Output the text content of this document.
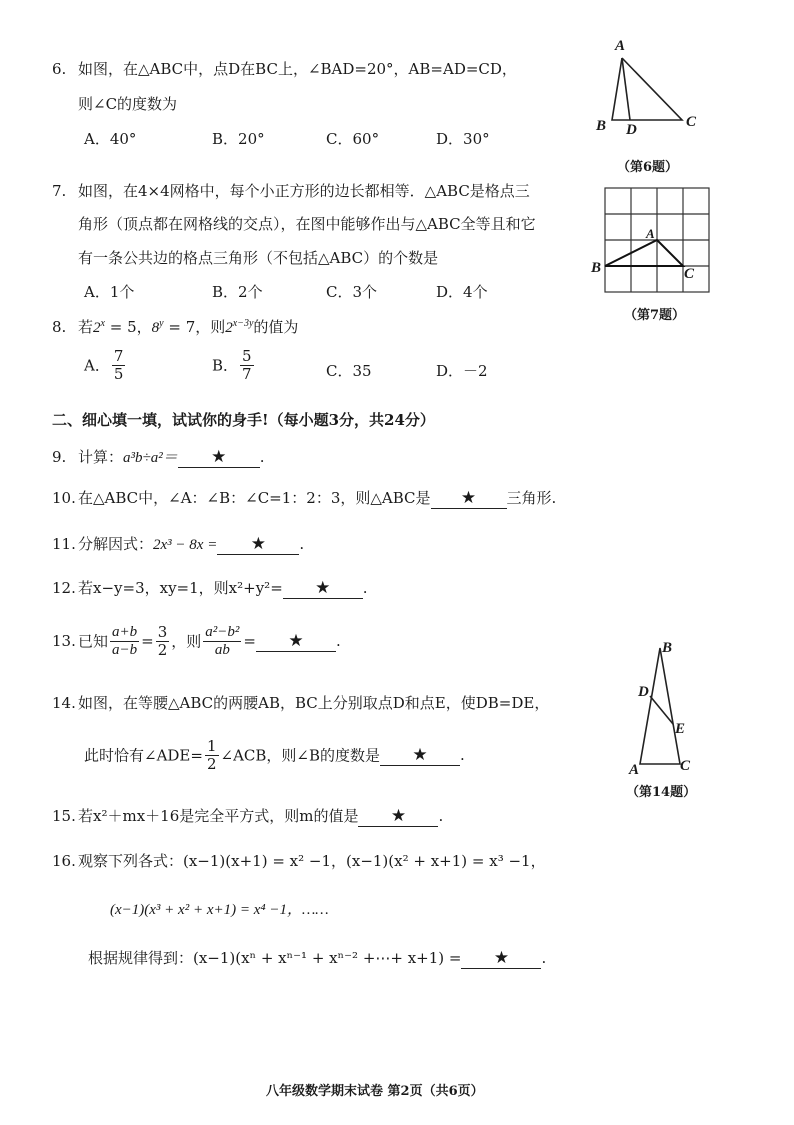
6. 如图，在△ABC中，点D在BC上，∠BAD=20°，AB=AD=CD，
则∠C的度数为
A．40°	B．20°	C．60°	D．30°
A
B D	C
（第6题）
7. 如图，在4×4网格中，每个小正方形的边长都相等．△ABC是格点三
角形（顶点都在网格线的交点），在图中能够作出与△ABC全等且和它
有一条公共边的格点三角形（不包括△ABC）的个数是
A．1个	B．2个	C．3个	D．4个
A
B	C
（第7题）
8. 若$2^x = 5$，$8^y = 7$，则$2^{x-3y}$的值为
A． $\frac{7}{5}$	B． $\frac{5}{7}$	C．35	D．－2
二、细心填一填，试试你的身手!（每小题3分，共24分）
9. 计算：a³b÷a²＝ ★ .
10. 在△ABC中，∠A：∠B：∠C=1：2：3，则△ABC是 ★ 三角形.
11. 分解因式：2x³ − 8x = ★ .
12. 若x−y=3，xy=1，则x²+y²= ★ .
13. 已知 $\frac{a+b}{a-b} = \frac{3}{2}$ ，则 $\frac{\text{a²−b²}}{ab}$ = ★ .
14. 如图，在等腰△ABC的两腰AB，BC上分别取点D和点E，使DB=DE，
此时恰有∠ADE= $\frac{1}{2}$ ∠ACB，则∠B的度数是 ★ .
B
D
E
A	C
（第14题）
15. 若x²＋mx＋16是完全平方式，则m的值是 ★ .
16. 观察下列各式：(x−1)(x+1) = x² −1，(x−1)(x² + x+1) = x³ −1，
(x−1)(x³ + x² + x+1) = x⁴ −1，……
根据规律得到：(x−1)(xⁿ + xⁿ⁻¹ + xⁿ⁻² +⋯+ x+1) = ★ .
八年级数学期末试卷 第2页（共6页）
